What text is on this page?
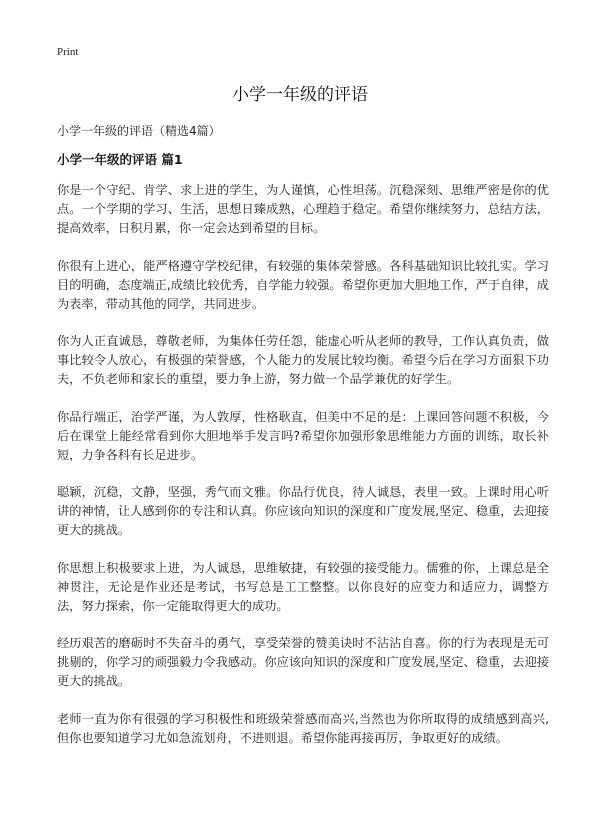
Print
小学一年级的评语
小学一年级的评语（精选4篇）
小学一年级的评语 篇1

你是一个守纪、肯学、求上进的学生，为人谨慎，心性坦荡。沉稳深刻、思维严密是你的优点。一个学期的学习、生活，思想日臻成熟，心理趋于稳定。希望你继续努力，总结方法，提高效率，日积月累，你一定会达到希望的目标。

你很有上进心，能严格遵守学校纪律，有较强的集体荣誉感。各科基础知识比较扎实。学习目的明确，态度端正,成绩比较优秀，自学能力较强。希望你更加大胆地工作，严于自律，成为表率，带动其他的同学，共同进步。

你为人正直诚恳，尊敬老师，为集体任劳任怨，能虚心听从老师的教导，工作认真负责，做事比较令人放心，有极强的荣誉感，个人能力的发展比较均衡。希望今后在学习方面狠下功夫，不负老师和家长的重望，要力争上游，努力做一个品学兼优的好学生。

你品行端正，治学严谨，为人敦厚，性格耿直，但美中不足的是：上课回答问题不积极，今后在课堂上能经常看到你大胆地举手发言吗?希望你加强形象思维能力方面的训练，取长补短，力争各科有长足进步。

聪颖，沉稳，文静，坚强，秀气而文雅。你品行优良，待人诚恳，表里一致。上课时用心听讲的神情，让人感到你的专注和认真。你应该向知识的深度和广度发展,坚定、稳重，去迎接更大的挑战。

你思想上积极要求上进，为人诚恳，思维敏捷，有较强的接受能力。儒雅的你，上课总是全神贯注，无论是作业还是考试，书写总是工工整整。以你良好的应变力和适应力，调整方法，努力探索，你一定能取得更大的成功。

经历艰苦的磨砺时不失奋斗的勇气，享受荣誉的赞美诀时不沾沾自喜。你的行为表现是无可挑剔的，你学习的顽强毅力令我感动。你应该向知识的深度和广度发展,坚定、稳重，去迎接更大的挑战。

老师一直为你有很强的学习积极性和班级荣誉感而高兴,当然也为你所取得的成绩感到高兴,但你也要知道学习尤如急流划舟，不进则退。希望你能再接再厉，争取更好的成绩。
